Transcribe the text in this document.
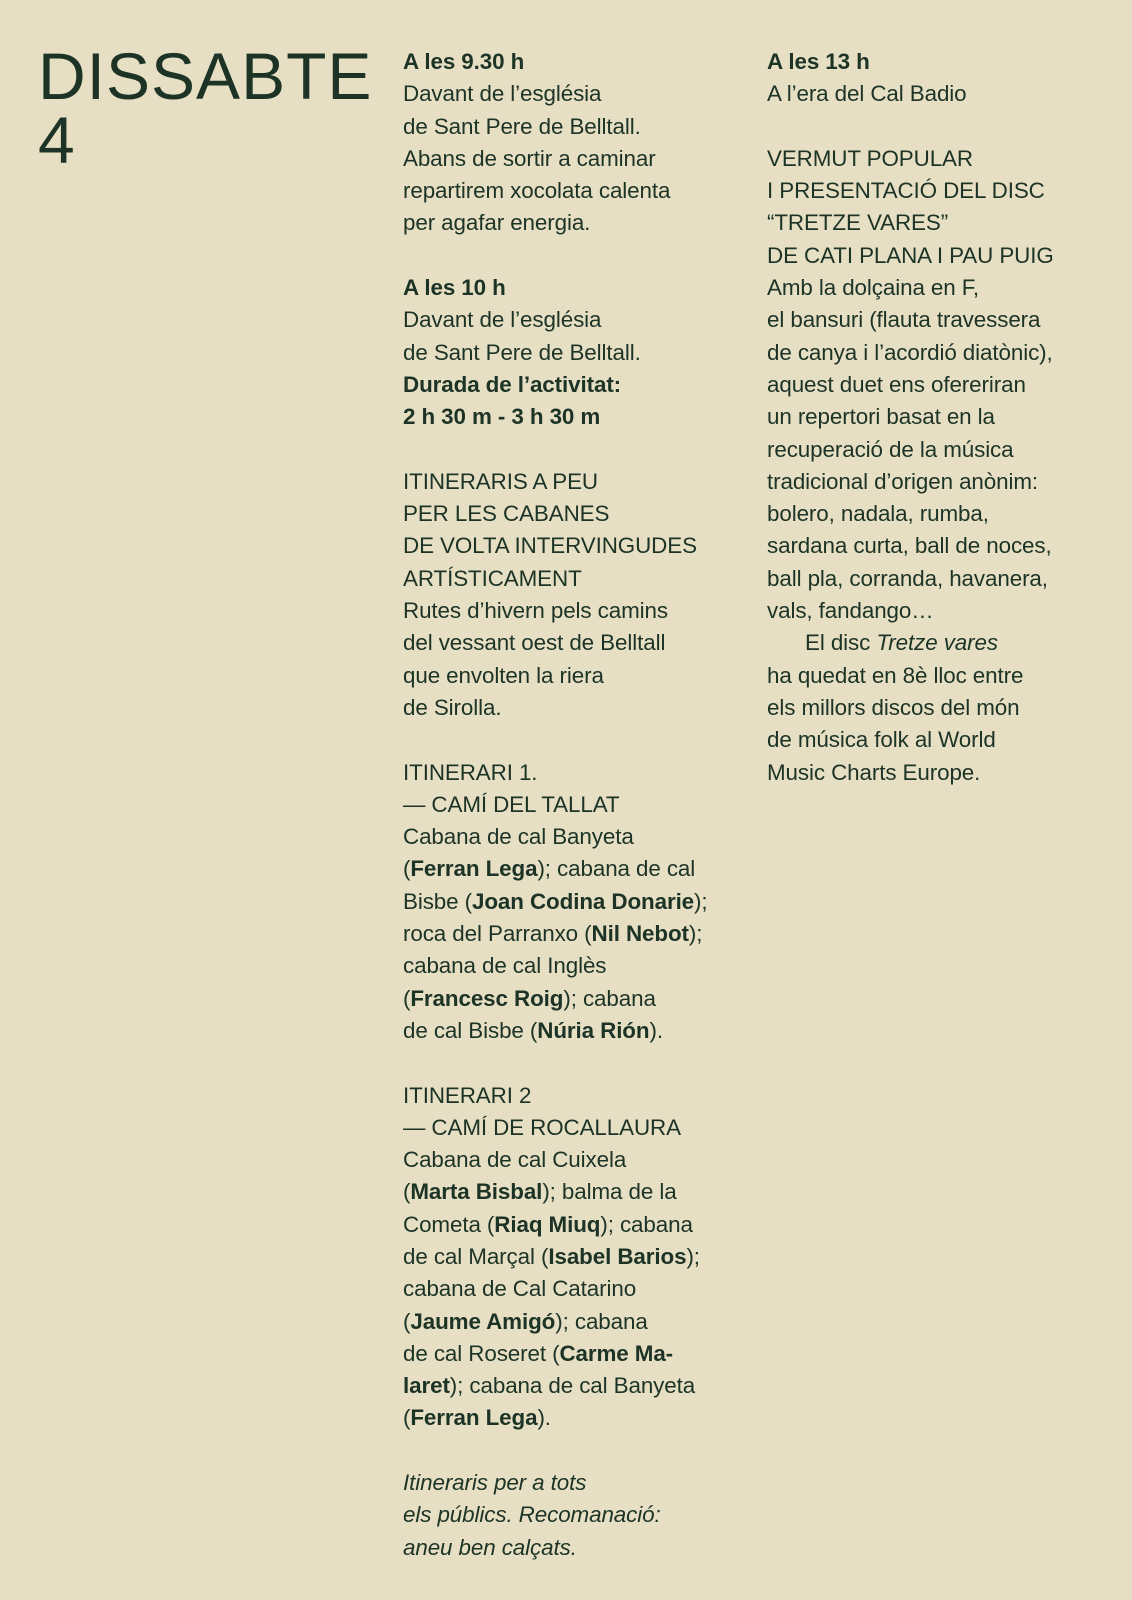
DISSABTE
4
A les 9.30 h
Davant de l’església
de Sant Pere de Belltall.
Abans de sortir a caminar
repartirem xocolata calenta
per agafar energia.
A les 10 h
Davant de l’església
de Sant Pere de Belltall.
Durada de l’activitat:
2 h 30 m - 3 h 30 m
ITINERARIS A PEU
PER LES CABANES
DE VOLTA INTERVINGUDES
ARTÍSTICAMENT
Rutes d’hivern pels camins
del vessant oest de Belltall
que envolten la riera
de Sirolla.
ITINERARI 1.
— CAMÍ DEL TALLAT
Cabana de cal Banyeta
(Ferran Lega); cabana de cal
Bisbe (Joan Codina Donarie);
roca del Parranxo (Nil Nebot);
cabana de cal Inglès
(Francesc Roig); cabana
de cal Bisbe (Núria Rión).
ITINERARI 2
— CAMÍ DE ROCALLAURA
Cabana de cal Cuixela
(Marta Bisbal); balma de la
Cometa (Riaq Miuq); cabana
de cal Marçal (Isabel Barios);
cabana de Cal Catarino
(Jaume Amigó); cabana
de cal Roseret (Carme Ma-
laret); cabana de cal Banyeta
(Ferran Lega).
Itineraris per a tots
els públics. Recomanació:
aneu ben calçats.
A les 13 h
A l’era del Cal Badio
VERMUT POPULAR
I PRESENTACIÓ DEL DISC
“TRETZE VARES”
DE CATI PLANA I PAU PUIG
Amb la dolçaina en F,
el bansuri (flauta travessera
de canya i l’acordió diatònic),
aquest duet ens ofereriran
un repertori basat en la
recuperació de la música
tradicional d’origen anònim:
bolero, nadala, rumba,
sardana curta, ball de noces,
ball pla, corranda, havanera,
vals, fandango…
El disc Tretze vares
ha quedat en 8è lloc entre
els millors discos del món
de música folk al World
Music Charts Europe.
